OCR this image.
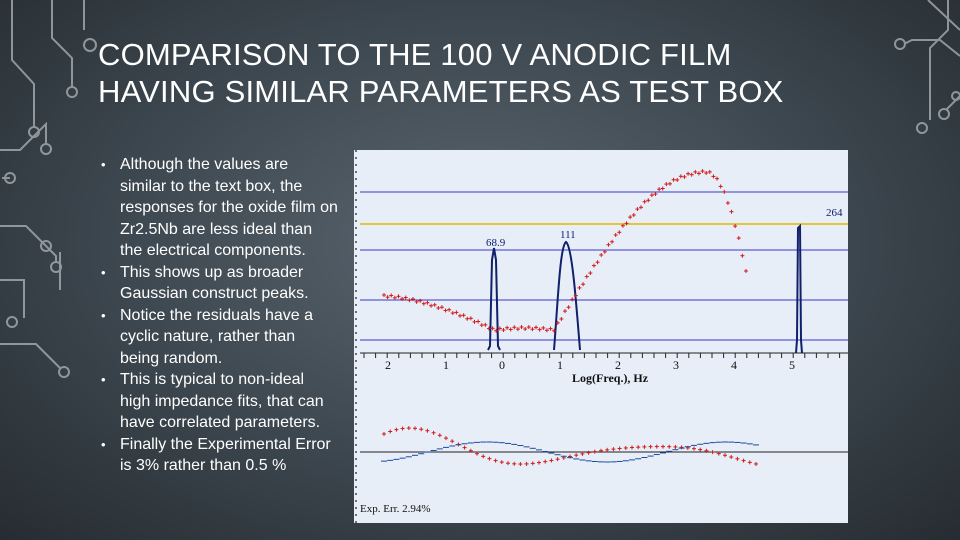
COMPARISON TO THE 100 V ANODIC FILM HAVING SIMILAR PARAMETERS AS TEST BOX
• Although the values are similar to the text box, the responses for the oxide film on Zr2.5Nb are less ideal than the electrical components.
• This shows up as broader Gaussian construct peaks.
• Notice the residuals have a cyclic nature, rather than being random.
• This is typical to non-ideal high impedance fits, that can have correlated parameters.
• Finally the Experimental Error is 3% rather than 0.5 %
2	1	0	1	2	3	4	5
Log(Freq.), Hz
68.9
111
264
Exp. Err. 2.94%
